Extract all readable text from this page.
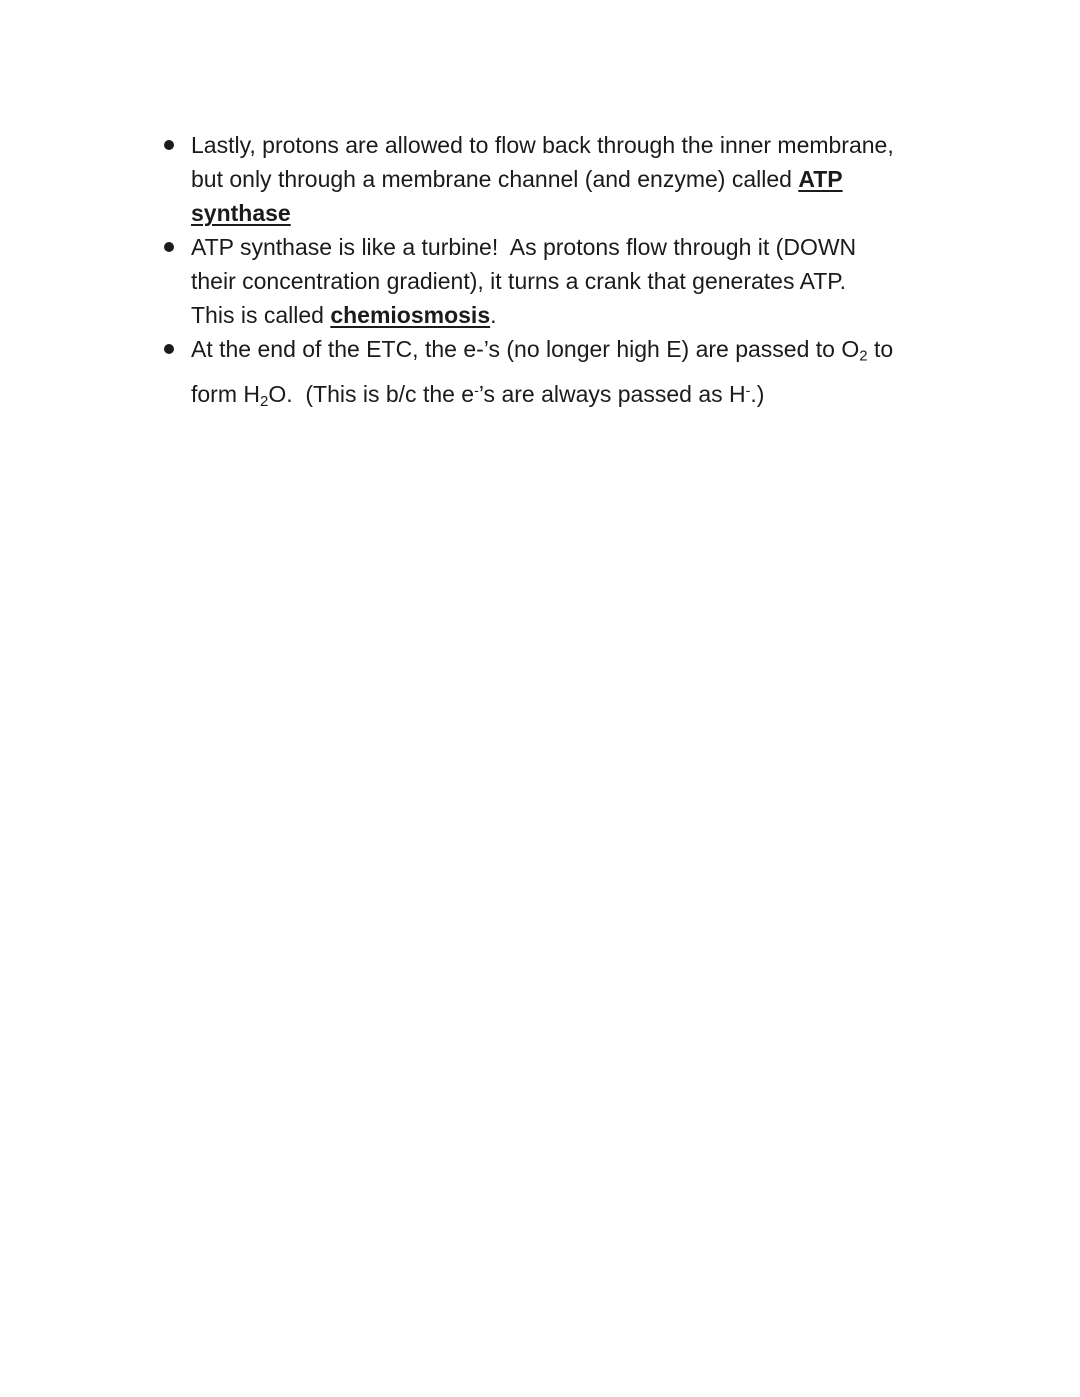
Lastly, protons are allowed to flow back through the inner membrane,
but only through a membrane channel (and enzyme) called ATP
synthase
ATP synthase is like a turbine!  As protons flow through it (DOWN
their concentration gradient), it turns a crank that generates ATP.
This is called chemiosmosis.
At the end of the ETC, the e-’s (no longer high E) are passed to $O_2$ to
form $H_2O$.  (This is b/c the e-’s are always passed as H-.)
